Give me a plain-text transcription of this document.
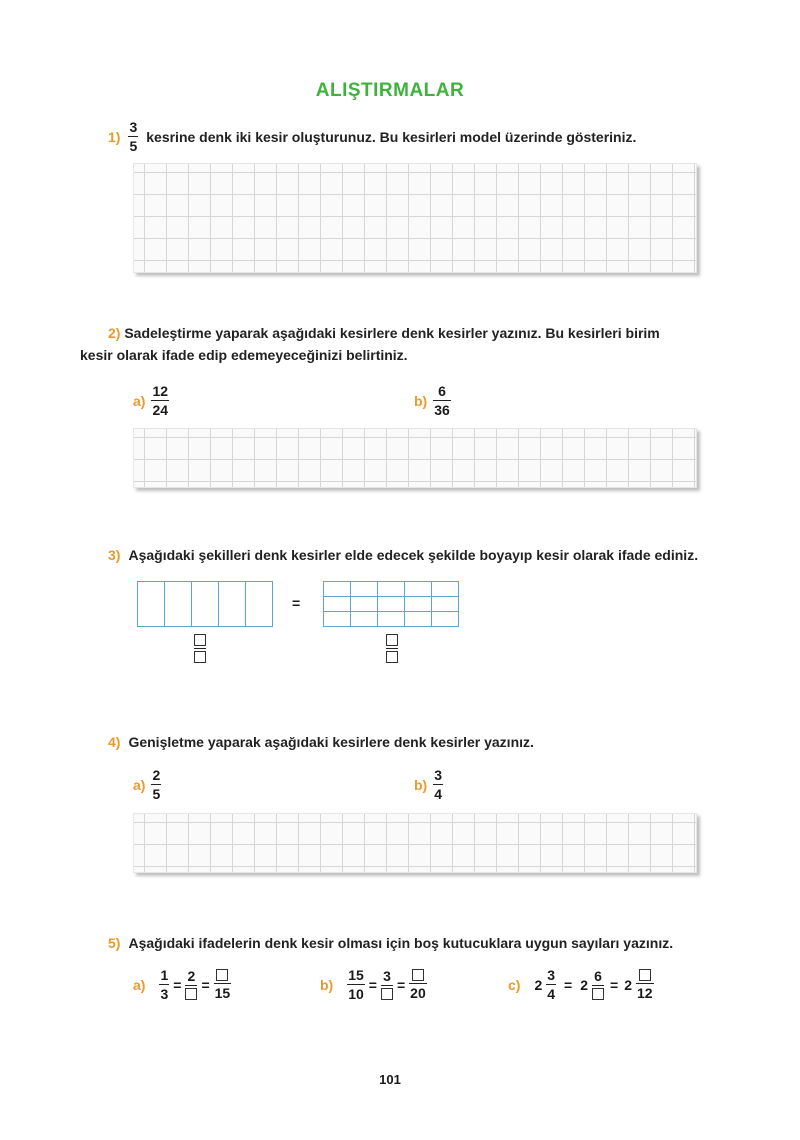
ALIŞTIRMALAR
$1) \frac{3}{5}$ kesrine denk iki kesir oluşturunuz. Bu kesirleri model üzerinde gösteriniz.
2) Sadeleştirme yaparak aşağıdaki kesirlere denk kesirler yazınız. Bu kesirleri birim
kesir olarak ifade edip edemeyeceğinizi belirtiniz.
$a) \frac{12}{24}$	$b) \frac{6}{36}$
3) Aşağıdaki şekilleri denk kesirler elde edecek şekilde boyayıp kesir olarak ifade ediniz.

=

4) Genişletme yaparak aşağıdaki kesirlere denk kesirler yazınız.
$a) \frac{2}{5}$	$b) \frac{3}{4}$
5) Aşağıdaki ifadelerin denk kesir olması için boş kutucuklara uygun sayıları yazınız.
$a) \frac{1}{3}$ =
2
=
15
$b) \frac{15}{10}$ =
3
=
20
c) $2 \frac{3}{4} = 2$
6
= 2
12
101
